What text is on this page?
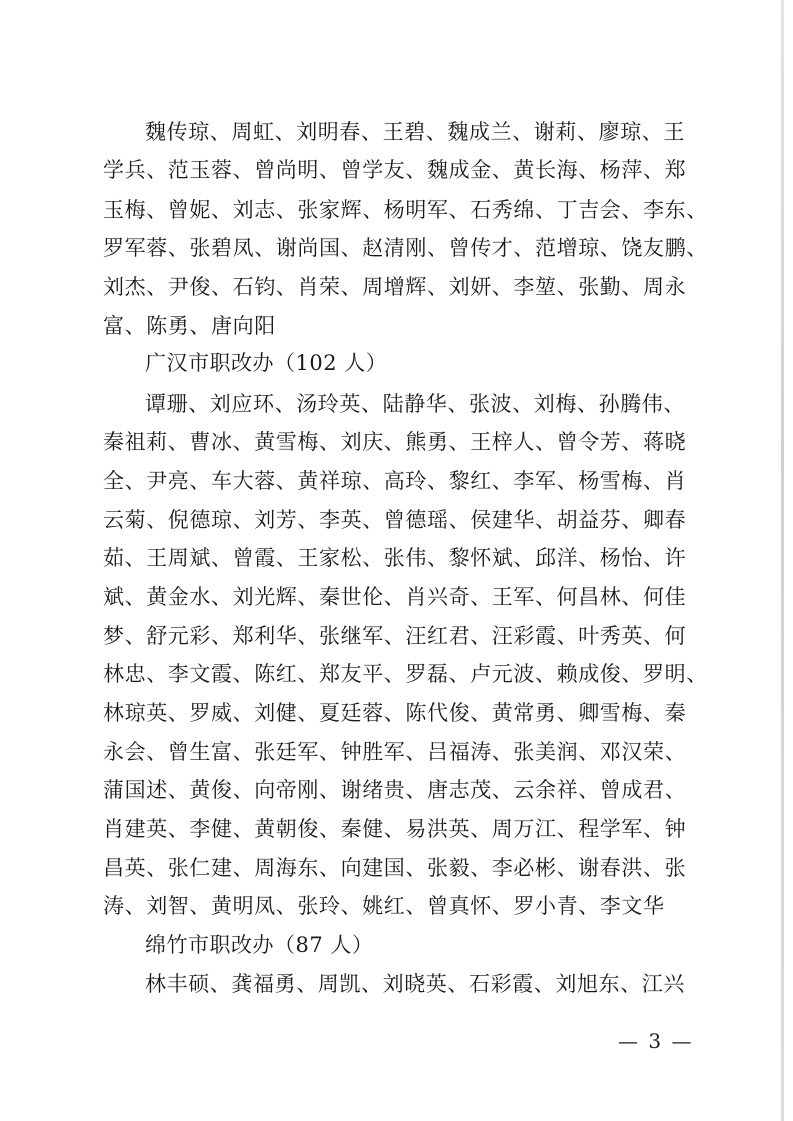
魏传琼、周虹、刘明春、王碧、魏成兰、谢莉、廖琼、王
学兵、范玉蓉、曾尚明、曾学友、魏成金、黄长海、杨萍、郑
玉梅、曾妮、刘志、张家辉、杨明军、石秀绵、丁吉会、李东、
罗军蓉、张碧凤、谢尚国、赵清刚、曾传才、范增琼、饶友鹏、
刘杰、尹俊、石钧、肖荣、周增辉、刘妍、李堃、张勤、周永
富、陈勇、唐向阳
广汉市职改办（102 人）
谭珊、刘应环、汤玲英、陆静华、张波、刘梅、孙腾伟、
秦祖莉、曹冰、黄雪梅、刘庆、熊勇、王梓人、曾令芳、蒋晓
全、尹亮、车大蓉、黄祥琼、高玲、黎红、李军、杨雪梅、肖
云菊、倪德琼、刘芳、李英、曾德瑶、侯建华、胡益芬、卿春
茹、王周斌、曾霞、王家松、张伟、黎怀斌、邱洋、杨怡、许
斌、黄金水、刘光辉、秦世伦、肖兴奇、王军、何昌林、何佳
梦、舒元彩、郑利华、张继军、汪红君、汪彩霞、叶秀英、何
林忠、李文霞、陈红、郑友平、罗磊、卢元波、赖成俊、罗明、
林琼英、罗威、刘健、夏廷蓉、陈代俊、黄常勇、卿雪梅、秦
永会、曾生富、张廷军、钟胜军、吕福涛、张美润、邓汉荣、
蒲国述、黄俊、向帝刚、谢绪贵、唐志茂、云余祥、曾成君、
肖建英、李健、黄朝俊、秦健、易洪英、周万江、程学军、钟
昌英、张仁建、周海东、向建国、张毅、李必彬、谢春洪、张
涛、刘智、黄明凤、张玲、姚红、曾真怀、罗小青、李文华
绵竹市职改办（87 人）
林丰硕、龚福勇、周凯、刘晓英、石彩霞、刘旭东、江兴
— 3 —
